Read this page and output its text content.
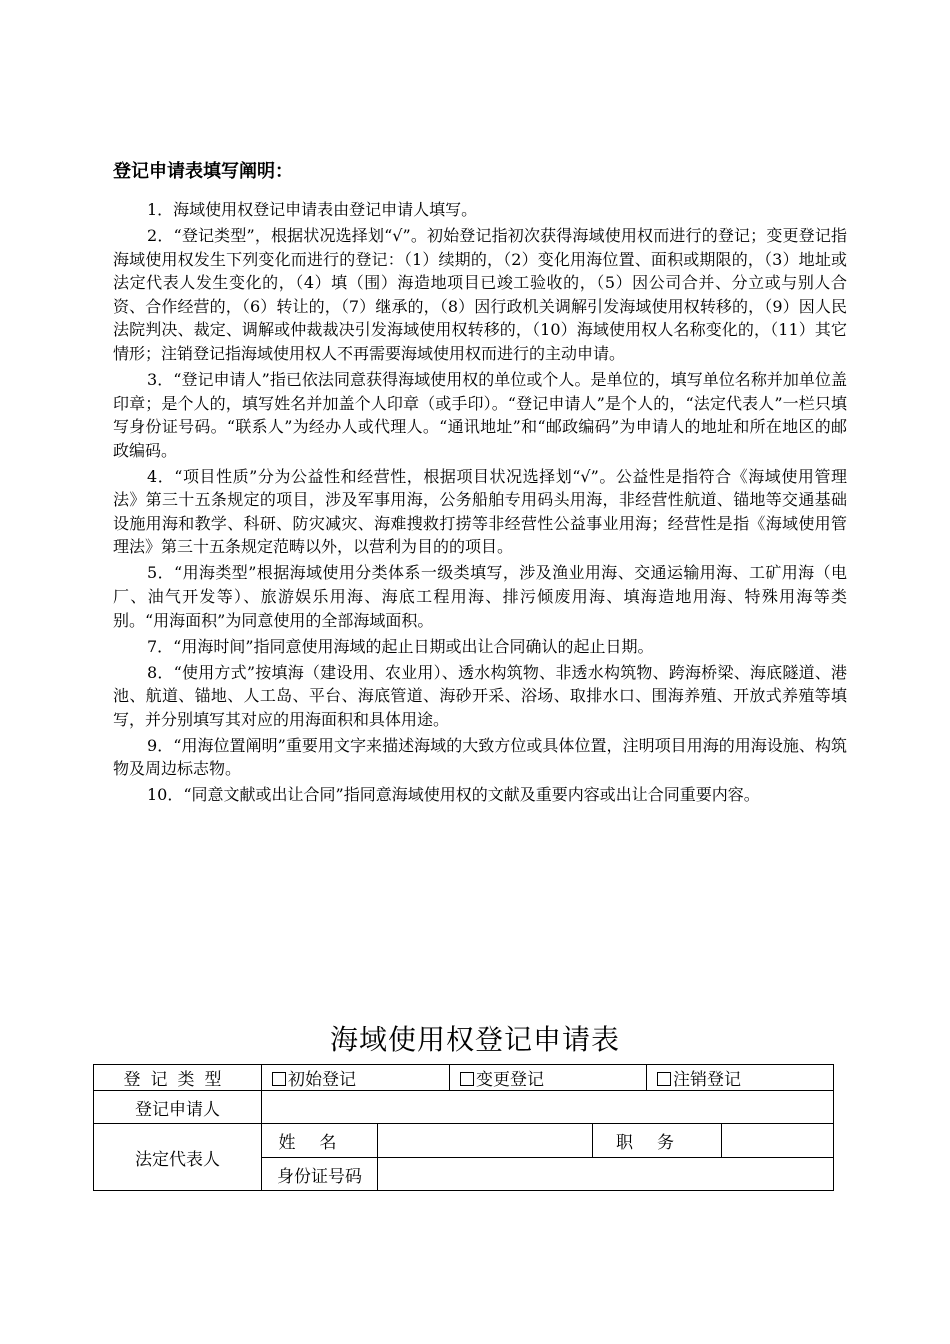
登记申请表填写阐明：

1．海域使用权登记申请表由登记申请人填写。

2．“登记类型”，根据状况选择划“√”。初始登记指初次获得海域使用权而进行的登记；变更登记指海域使用权发生下列变化而进行的登记：（1）续期的，（2）变化用海位置、面积或期限的，（3）地址或法定代表人发生变化的，（4）填（围）海造地项目已竣工验收的，（5）因公司合并、分立或与别人合资、合作经营的，（6）转让的，（7）继承的，（8）因行政机关调解引发海域使用权转移的，（9）因人民法院判决、裁定、调解或仲裁裁决引发海域使用权转移的，（10）海域使用权人名称变化的，（11）其它情形；注销登记指海域使用权人不再需要海域使用权而进行的主动申请。

3．“登记申请人”指已依法同意获得海域使用权的单位或个人。是单位的，填写单位名称并加单位盖印章；是个人的，填写姓名并加盖个人印章（或手印）。“登记申请人”是个人的，“法定代表人”一栏只填写身份证号码。“联系人”为经办人或代理人。“通讯地址”和“邮政编码”为申请人的地址和所在地区的邮政编码。

4．“项目性质”分为公益性和经营性，根据项目状况选择划“√”。公益性是指符合《海域使用管理法》第三十五条规定的项目，涉及军事用海，公务船舶专用码头用海，非经营性航道、锚地等交通基础设施用海和教学、科研、防灾减灾、海难搜救打捞等非经营性公益事业用海；经营性是指《海域使用管理法》第三十五条规定范畴以外，以营利为目的的项目。

5．“用海类型”根据海域使用分类体系一级类填写，涉及渔业用海、交通运输用海、工矿用海（电厂、油气开发等）、旅游娱乐用海、海底工程用海、排污倾废用海、填海造地用海、特殊用海等类别。“用海面积”为同意使用的全部海域面积。

7．“用海时间”指同意使用海域的起止日期或出让合同确认的起止日期。

8．“使用方式”按填海（建设用、农业用）、透水构筑物、非透水构筑物、跨海桥梁、海底隧道、港池、航道、锚地、人工岛、平台、海底管道、海砂开采、浴场、取排水口、围海养殖、开放式养殖等填写，并分别填写其对应的用海面积和具体用途。

9．“用海位置阐明”重要用文字来描述海域的大致方位或具体位置，注明项目用海的用海设施、构筑物及周边标志物。

10．“同意文献或出让合同”指同意海域使用权的文献及重要内容或出让合同重要内容。

海域使用权登记申请表
登记类型	初始登记		变更登记		注销登记	
登记申请人						
法定代表人	姓名			职务		
	身份证号码					
